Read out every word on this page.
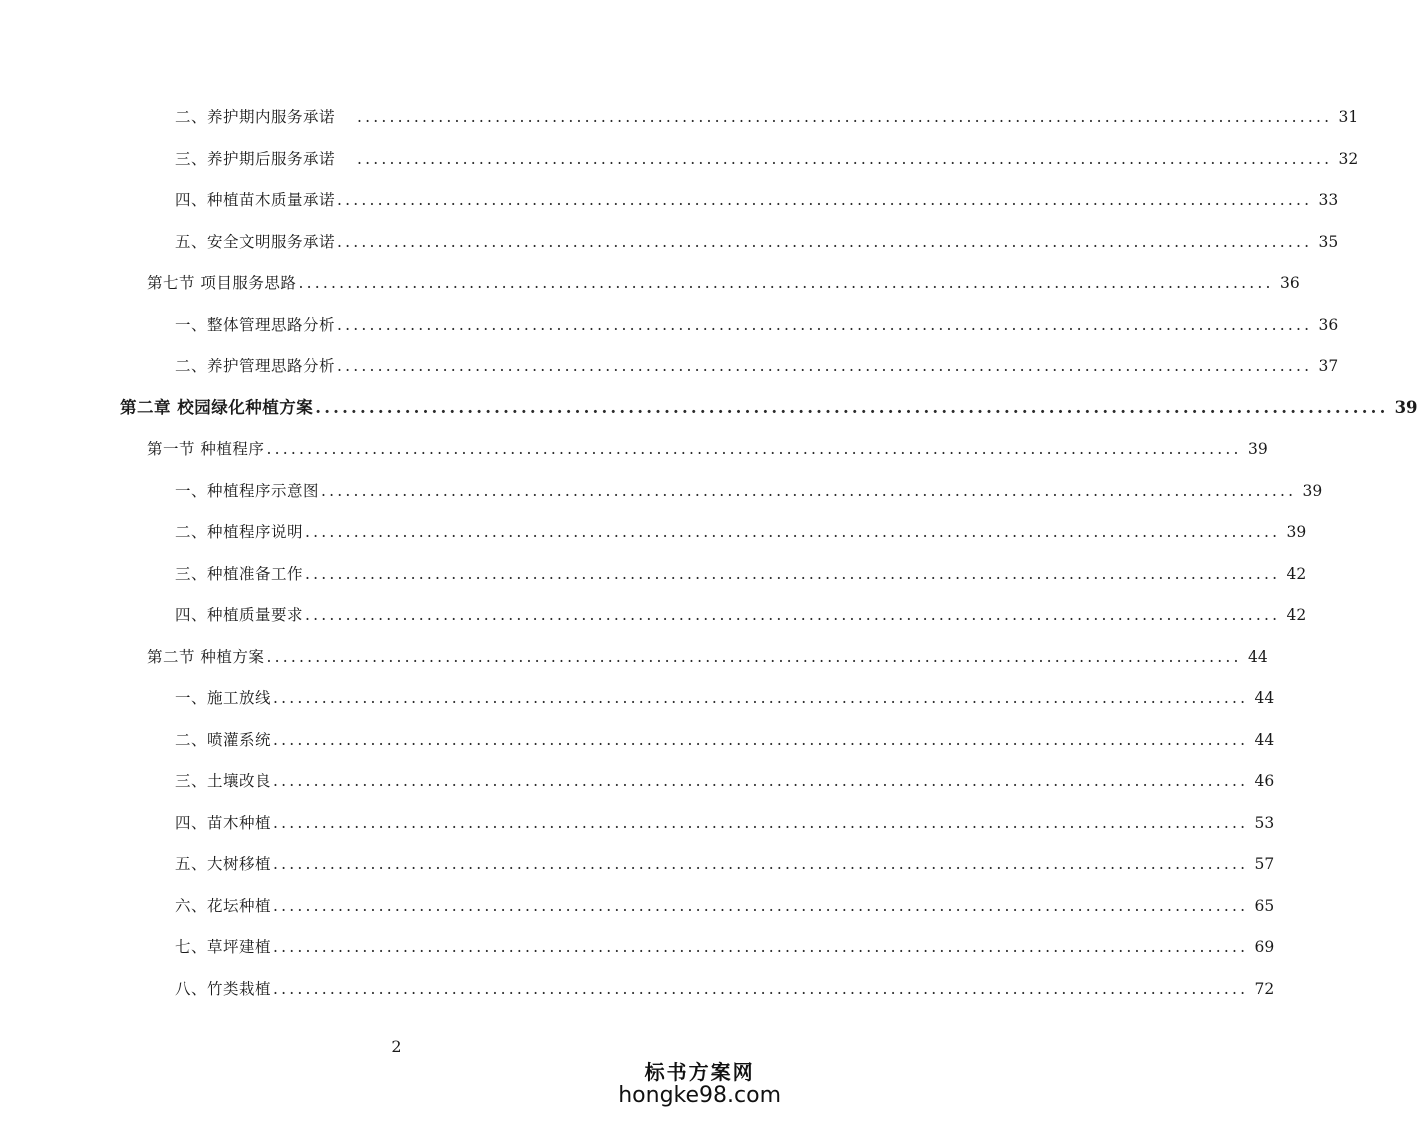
二、养护期内服务承诺	........................................................................................................................ 31
三、养护期后服务承诺	........................................................................................................................ 32
四、种植苗木质量承诺 ........................................................................................................................ 33
五、安全文明服务承诺 ........................................................................................................................ 35
第七节 项目服务思路 ........................................................................................................................ 36
一、整体管理思路分析 ........................................................................................................................ 36
二、养护管理思路分析 ........................................................................................................................ 37
第二章 校园绿化种植方案 ........................................................................................................................ 39
第一节 种植程序 ........................................................................................................................ 39
一、种植程序示意图 ........................................................................................................................ 39
二、种植程序说明 ........................................................................................................................ 39
三、种植准备工作 ........................................................................................................................ 42
四、种植质量要求 ........................................................................................................................ 42
第二节 种植方案 ........................................................................................................................ 44
一、施工放线 ........................................................................................................................ 44
二、喷灌系统 ........................................................................................................................ 44
三、土壤改良 ........................................................................................................................ 46
四、苗木种植 ........................................................................................................................ 53
五、大树移植 ........................................................................................................................ 57
六、花坛种植 ........................................................................................................................ 65
七、草坪建植 ........................................................................................................................ 69
八、竹类栽植 ........................................................................................................................ 72
2
标书方案网
hongke98.com
